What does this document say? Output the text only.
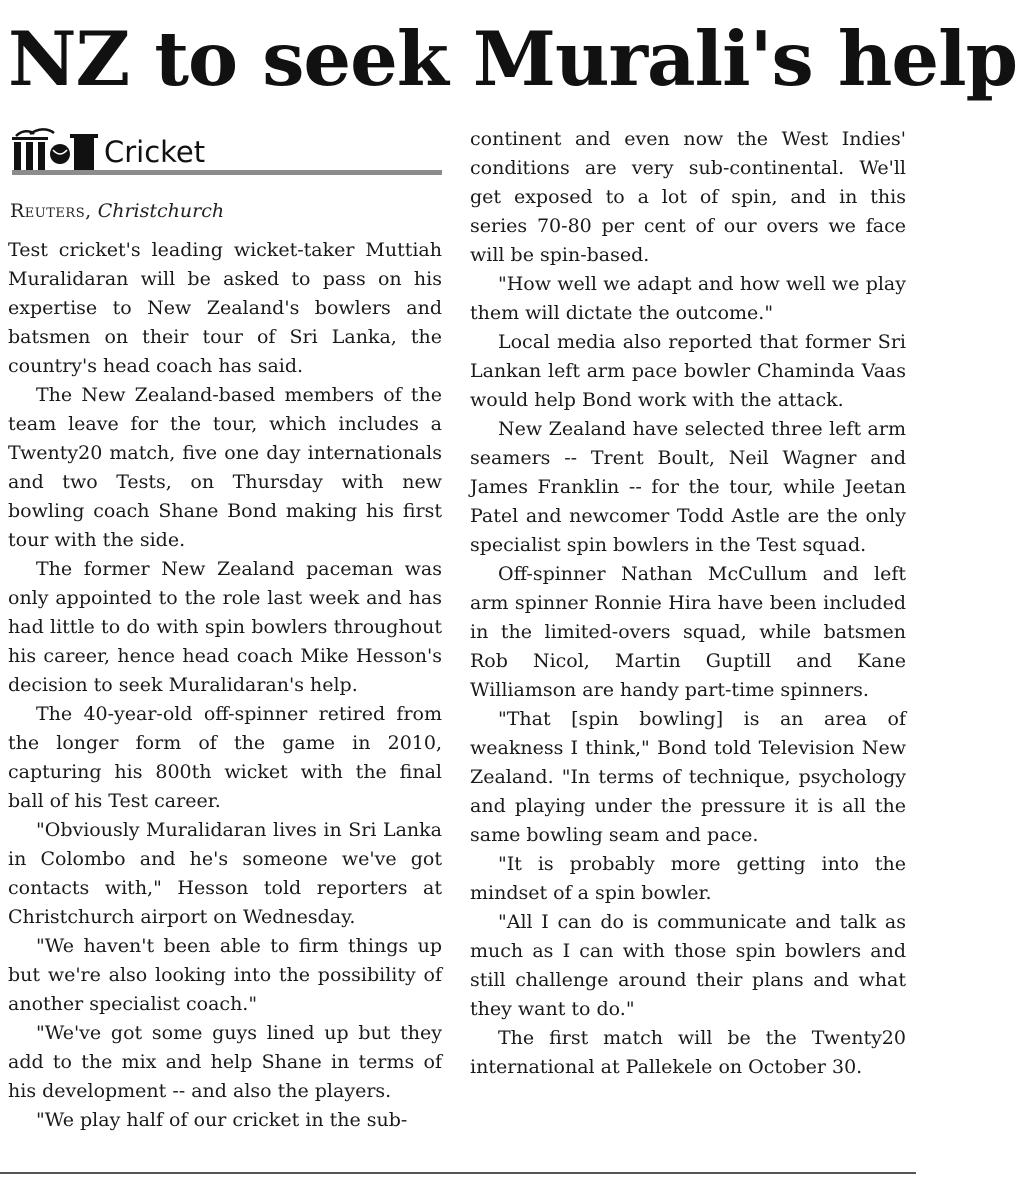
NZ to seek Murali's help
Cricket
Reuters, Christchurch

Test cricket's leading wicket-taker Muttiah Muralidaran will be asked to pass on his expertise to New Zealand's bowlers and batsmen on their tour of Sri Lanka, the country's head coach has said.

The New Zealand-based members of the team leave for the tour, which includes a Twenty20 match, five one day internationals and two Tests, on Thursday with new bowling coach Shane Bond making his first tour with the side.

The former New Zealand paceman was only appointed to the role last week and has had little to do with spin bowlers throughout his career, hence head coach Mike Hesson's decision to seek Muralidaran's help.

The 40-year-old off-spinner retired from the longer form of the game in 2010, capturing his 800th wicket with the final ball of his Test career.

"Obviously Muralidaran lives in Sri Lanka in Colombo and he's someone we've got contacts with," Hesson told reporters at Christchurch airport on Wednesday.

"We haven't been able to firm things up but we're also looking into the possibility of another specialist coach."

"We've got some guys lined up but they add to the mix and help Shane in terms of his development -- and also the players.

"We play half of our cricket in the sub-

continent and even now the West Indies' conditions are very sub-continental. We'll get exposed to a lot of spin, and in this series 70-80 per cent of our overs we face will be spin-based.

"How well we adapt and how well we play them will dictate the outcome."

Local media also reported that former Sri Lankan left arm pace bowler Chaminda Vaas would help Bond work with the attack.

New Zealand have selected three left arm seamers -- Trent Boult, Neil Wagner and James Franklin -- for the tour, while Jeetan Patel and newcomer Todd Astle are the only specialist spin bowlers in the Test squad.

Off-spinner Nathan McCullum and left arm spinner Ronnie Hira have been included in the limited-overs squad, while batsmen Rob Nicol, Martin Guptill and Kane Williamson are handy part-time spinners.

"That [spin bowling] is an area of weakness I think," Bond told Television New Zealand. "In terms of technique, psychology and playing under the pressure it is all the same bowling seam and pace.

"It is probably more getting into the mindset of a spin bowler.

"All I can do is communicate and talk as much as I can with those spin bowlers and still challenge around their plans and what they want to do."

The first match will be the Twenty20 international at Pallekele on October 30.
